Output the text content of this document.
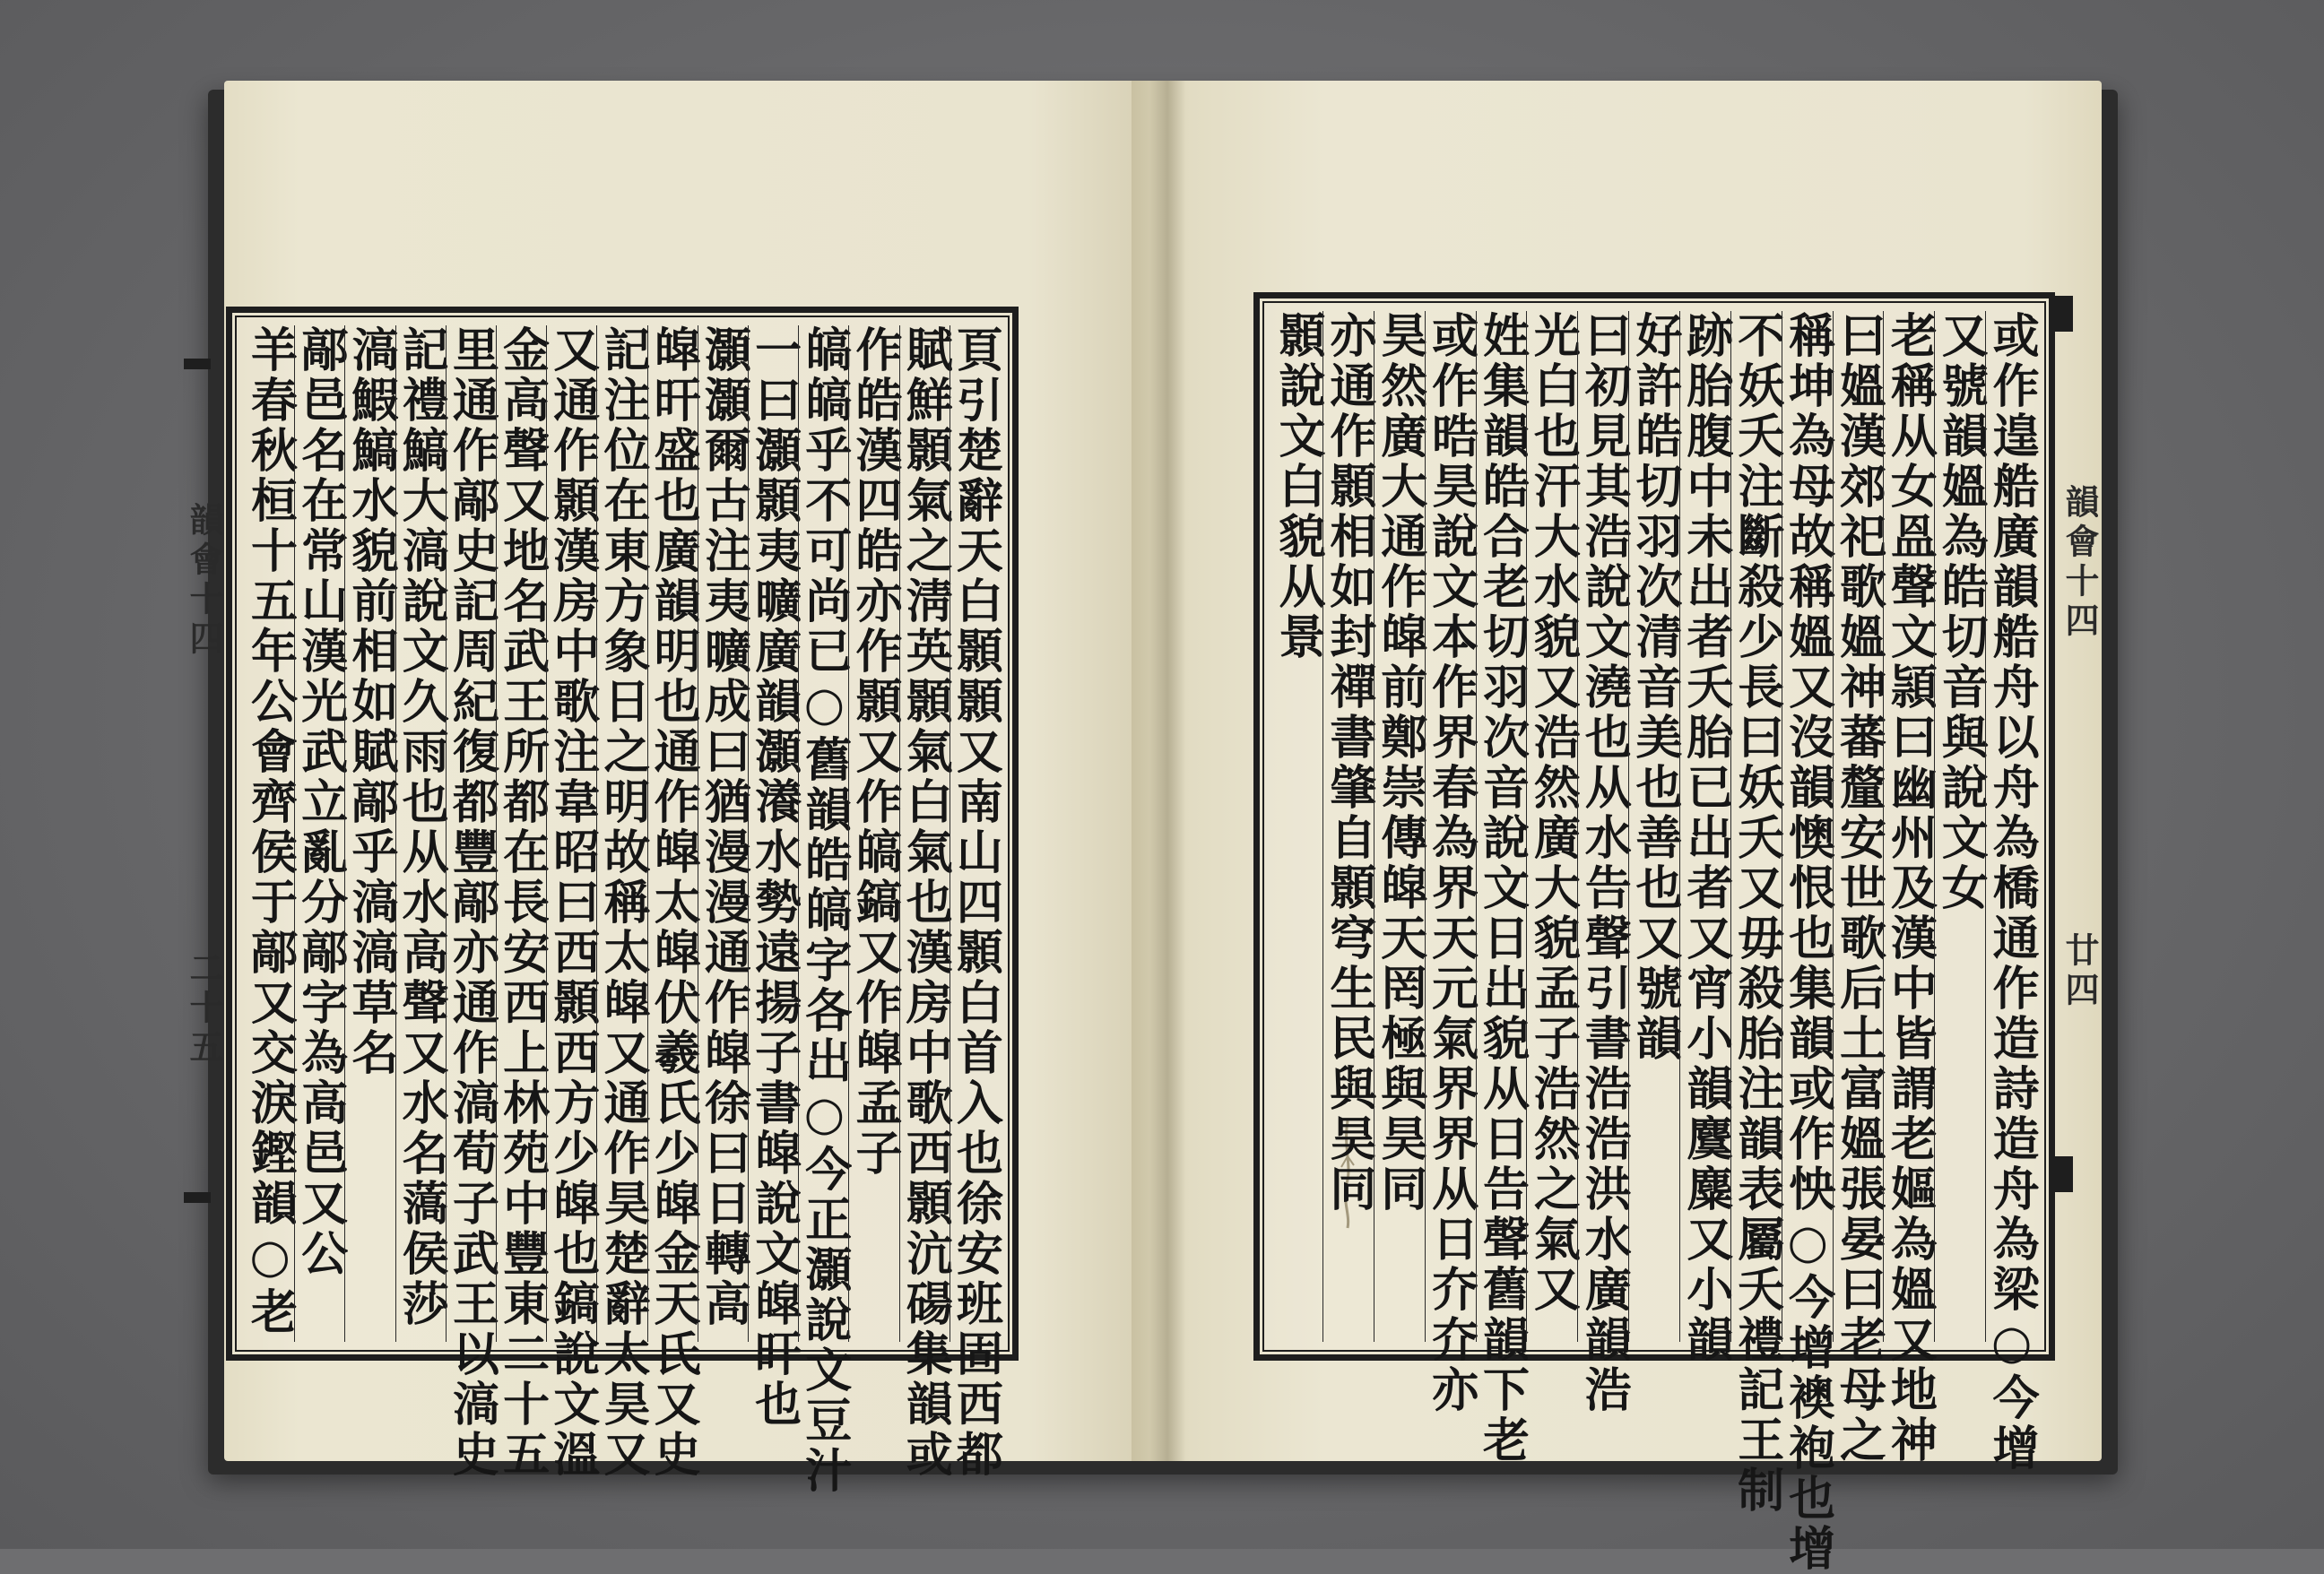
頁引楚辭天白顥顥又南山四顥白首入也徐安班固西都
賦鮮顥氣之淸英顥氣白氣也漢房中歌西顥沆碭集韻或
作皓漢四皓亦作顥又作皜鎬又作皡孟子
皜皜乎不可尚已○舊韻皓皜字各出○今正灝說文豆汁
一曰灝顥夷曠廣韻灝瀁水勢遠揚子書皡說文皡旰也
灝灝爾古注夷曠成曰猶漫漫通作皡徐曰日轉高
皡旰盛也廣韻明也通作皡太皡伏羲氏少皡金天氏又史
記注位在東方象日之明故稱太皡又通作昊楚辭太昊又
又通作顥漢房中歌注韋昭曰西顥西方少皡也鎬說文溫
金高聲又地名武王所都在長安西上林苑中豐東二十五
里通作鄗史記周紀復都豐鄗亦通作滈荀子武王以滈史
記禮鰝大滈說文久雨也从水高聲又水名薃侯莎
滈鰕鰝水貌前相如賦鄗乎滈滈草名
鄗邑名在常山漢光武立亂分鄗字為高邑又公
羊春秋桓十五年公會齊侯于鄗又交淚鏗韻○老
韻會十四
二十五	或作遑艁廣韻艁舟以舟為橋通作造詩造舟為梁○今增
又號韻媼為皓切音與說文女
老稱从女𥁕聲文頴曰幽州及漢中皆謂老嫗為媼又地神
曰媼漢郊祀歌媼神蕃釐安世歌后土富媼張晏曰老母之
稱坤為母故稱媼又沒韻懊恨也集韻或作怏○今增襖袍也增
不妖夭注斷殺少長曰妖夭又毋殺胎注韻表屬夭禮記王制
跡胎腹中未出者夭胎已出者又宵小韻麌麋又小韻
好許皓切羽次清音美也善也又號韻
曰初見其浩說文澆也从水告聲引書浩浩洪水廣韻浩
光白也汗大水貌又浩然廣大貌孟子浩然之氣又
姓集韻皓合老切羽次音說文日出貌从日告聲舊韻下老
或作晧昊說文本作界春為界天元氣界界从日夰夰亦
昊然廣大通作皡前鄭崇傳皡天罔極與昊同
亦通作顥相如封禪書肇自顥穹生民與昊同
顥說文白貌从景	韻會十四
廿四
